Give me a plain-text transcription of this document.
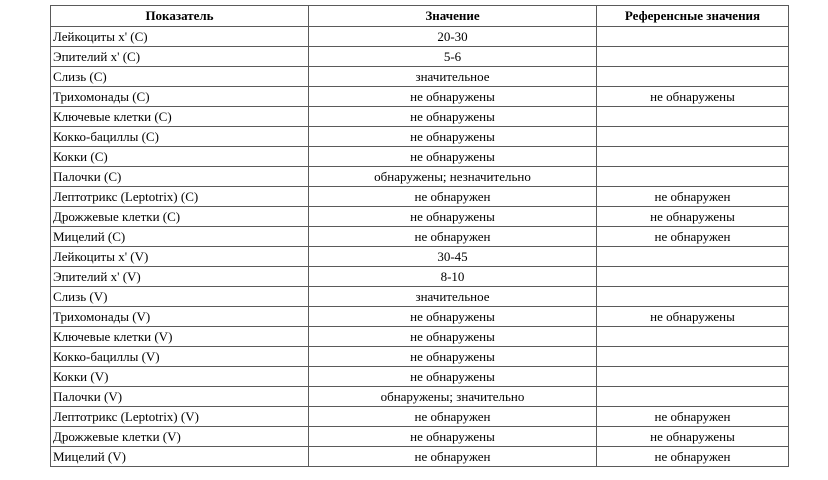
Показатель	Значение	Референсные значения
Лейкоциты х' (C)	20-30	
Эпителий х' (C)	5-6	
Слизь (C)	значительное	
Трихомонады (C)	не обнаружены	не обнаружены
Ключевые клетки (C)	не обнаружены	
Кокко-бациллы (C)	не обнаружены	
Кокки (C)	не обнаружены	
Палочки (C)	обнаружены; незначительно	
Лептотрикс (Leptotrix) (C)	не обнаружен	не обнаружен
Дрожжевые клетки (C)	не обнаружены	не обнаружены
Мицелий (C)	не обнаружен	не обнаружен
Лейкоциты х' (V)	30-45	
Эпителий х' (V)	8-10	
Слизь (V)	значительное	
Трихомонады (V)	не обнаружены	не обнаружены
Ключевые клетки (V)	не обнаружены	
Кокко-бациллы (V)	не обнаружены	
Кокки (V)	не обнаружены	
Палочки (V)	обнаружены; значительно	
Лептотрикс (Leptotrix) (V)	не обнаружен	не обнаружен
Дрожжевые клетки (V)	не обнаружены	не обнаружены
Мицелий (V)	не обнаружен	не обнаружен
